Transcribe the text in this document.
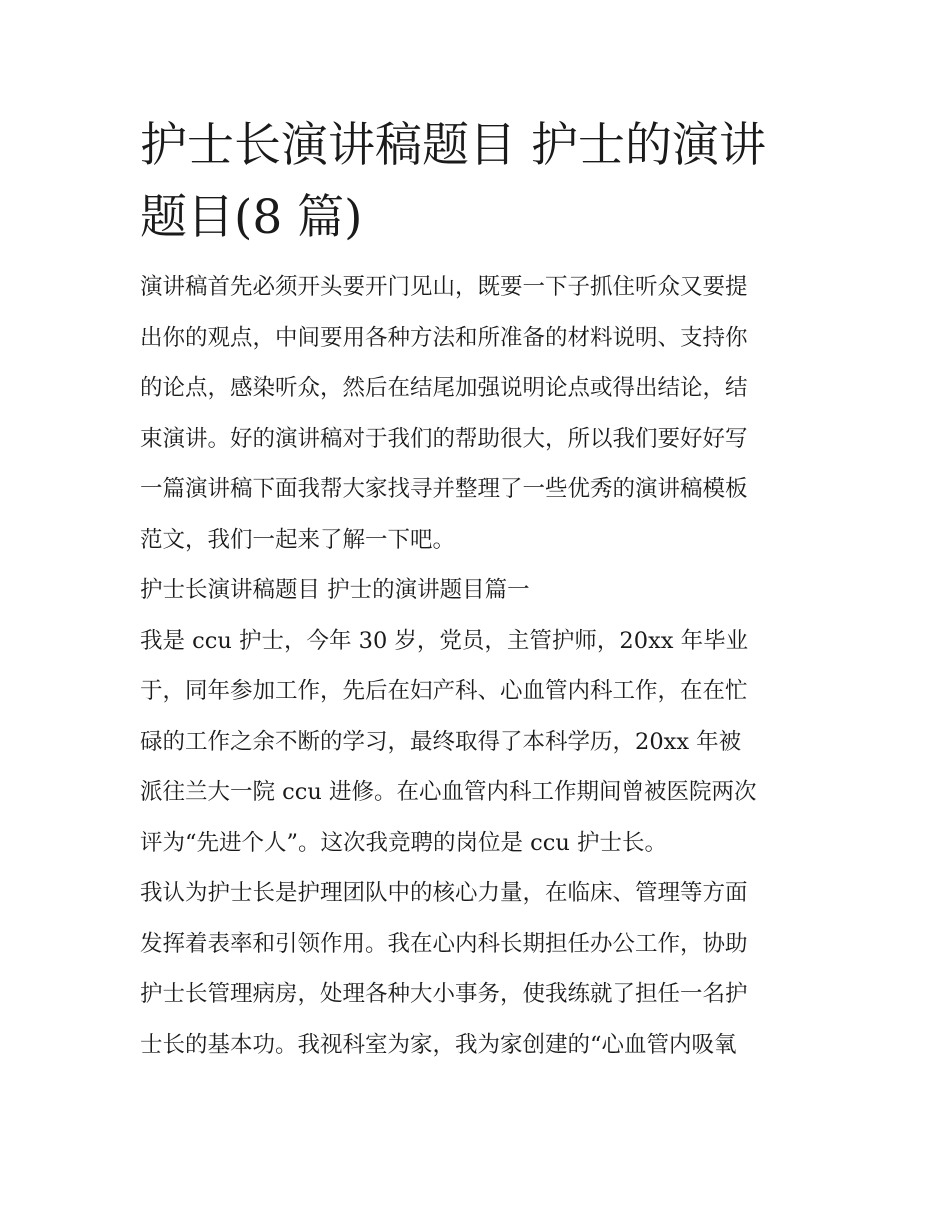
护士长演讲稿题目 护士的演讲
题目(8 篇)
演讲稿首先必须开头要开门见山，既要一下子抓住听众又要提
出你的观点，中间要用各种方法和所准备的材料说明、支持你
的论点，感染听众，然后在结尾加强说明论点或得出结论，结
束演讲。好的演讲稿对于我们的帮助很大，所以我们要好好写
一篇演讲稿下面我帮大家找寻并整理了一些优秀的演讲稿模板
范文，我们一起来了解一下吧。
护士长演讲稿题目 护士的演讲题目篇一
我是 ccu 护士，今年 30 岁，党员，主管护师，20xx 年毕业
于，同年参加工作，先后在妇产科、心血管内科工作，在在忙
碌的工作之余不断的学习，最终取得了本科学历，20xx 年被
派往兰大一院 ccu 进修。在心血管内科工作期间曾被医院两次
评为“先进个人”。这次我竞聘的岗位是 ccu 护士长。
我认为护士长是护理团队中的核心力量，在临床、管理等方面
发挥着表率和引领作用。我在心内科长期担任办公工作，协助
护士长管理病房，处理各种大小事务，使我练就了担任一名护
士长的基本功。我视科室为家，我为家创建的“心血管内吸氧
